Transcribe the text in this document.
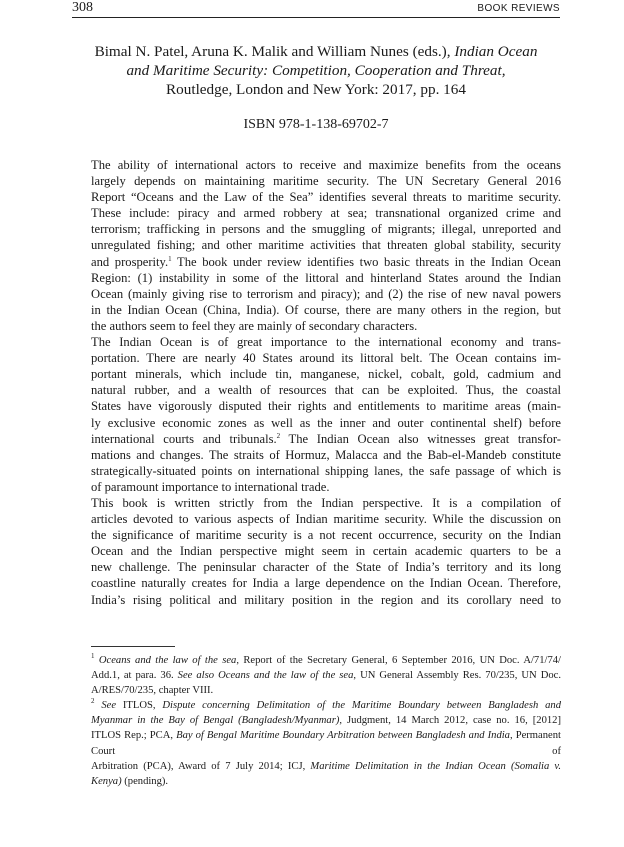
308	BOOK REVIEWS
Bimal N. Patel, Aruna K. Malik and William Nunes (eds.), Indian Ocean
and Maritime Security: Competition, Cooperation and Threat,
Routledge, London and New York: 2017, pp. 164
ISBN 978-1-138-69702-7
The ability of international actors to receive and maximize benefits from the oceans
largely depends on maintaining maritime security. The UN Secretary General 2016
Report “Oceans and the Law of the Sea” identifies several threats to maritime security.
These include: piracy and armed robbery at sea; transnational organized crime and
terrorism; trafficking in persons and the smuggling of migrants; illegal, unreported and
unregulated fishing; and other maritime activities that threaten global stability, security
and prosperity.$^1$ The book under review identifies two basic threats in the Indian Ocean
Region: (1) instability in some of the littoral and hinterland States around the Indian
Ocean (mainly giving rise to terrorism and piracy); and (2) the rise of new naval powers
in the Indian Ocean (China, India). Of course, there are many others in the region, but
the authors seem to feel they are mainly of secondary characters.
The Indian Ocean is of great importance to the international economy and trans-
portation. There are nearly 40 States around its littoral belt. The Ocean contains im-
portant minerals, which include tin, manganese, nickel, cobalt, gold, cadmium and
natural rubber, and a wealth of resources that can be exploited. Thus, the coastal
States have vigorously disputed their rights and entitlements to maritime areas (main-
ly exclusive economic zones as well as the inner and outer continental shelf) before
international courts and tribunals.$^2$ The Indian Ocean also witnesses great transfor-
mations and changes. The straits of Hormuz, Malacca and the Bab-el-Mandeb constitute
strategically-situated points on international shipping lanes, the safe passage of which is
of paramount importance to international trade.
This book is written strictly from the Indian perspective. It is a compilation of
articles devoted to various aspects of Indian maritime security. While the discussion on
the significance of maritime security is a not recent occurrence, security on the Indian
Ocean and the Indian perspective might seem in certain academic quarters to be a
new challenge. The peninsular character of the State of India’s territory and its long
coastline naturally creates for India a large dependence on the Indian Ocean. Therefore,
India’s rising political and military position in the region and its corollary need to
$^1$ Oceans and the law of the sea, Report of the Secretary General, 6 September 2016, UN Doc. A/71/74/
Add.1, at para. 36. See also Oceans and the law of the sea, UN General Assembly Res. 70/235, UN Doc.
A/RES/70/235, chapter VIII.
$^2$ See ITLOS, Dispute concerning Delimitation of the Maritime Boundary between Bangladesh and
Myanmar in the Bay of Bengal (Bangladesh/Myanmar), Judgment, 14 March 2012, case no. 16, [2012]
ITLOS Rep.; PCA, Bay of Bengal Maritime Boundary Arbitration between Bangladesh and India, Permanent Court of
Arbitration (PCA), Award of 7 July 2014; ICJ, Maritime Delimitation in the Indian Ocean (Somalia v.
Kenya) (pending).
